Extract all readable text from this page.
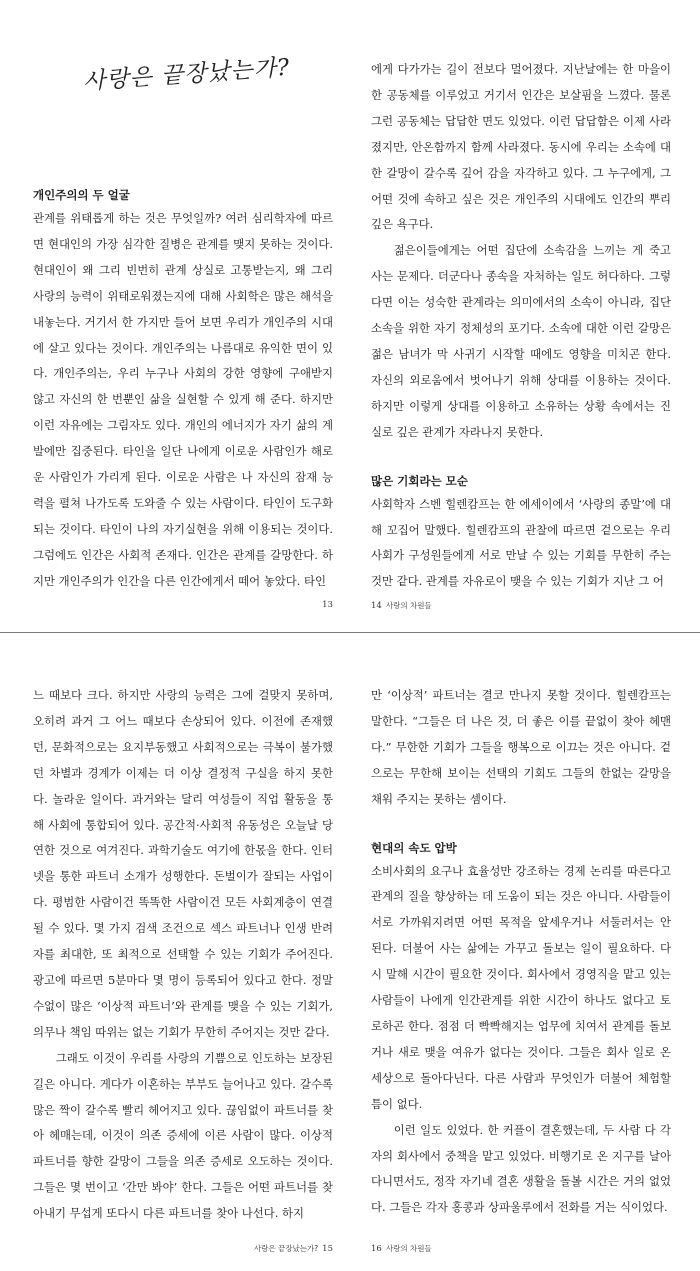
사랑은 끝장났는가?
개인주의의 두 얼굴

관계를 위태롭게 하는 것은 무엇일까? 여러 심리학자에 따르면 현대인의 가장 심각한 질병은 관계를 맺지 못하는 것이다. 현대인이 왜 그리 빈번히 관계 상실로 고통받는지, 왜 그리 사랑의 능력이 위태로워졌는지에 대해 사회학은 많은 해석을 내놓는다. 거기서 한 가지만 들어 보면 우리가 개인주의 시대에 살고 있다는 것이다. 개인주의는 나름대로 유익한 면이 있다. 개인주의는, 우리 누구나 사회의 강한 영향에 구애받지 않고 자신의 한 번뿐인 삶을 실현할 수 있게 해 준다. 하지만 이런 자유에는 그림자도 있다. 개인의 에너지가 자기 삶의 계발에만 집중된다. 타인을 일단 나에게 이로운 사람인가 해로운 사람인가 가리게 된다. 이로운 사람은 나 자신의 잠재 능력을 펼쳐 나가도록 도와줄 수 있는 사람이다. 타인이 도구화되는 것이다. 타인이 나의 자기실현을 위해 이용되는 것이다. 그럼에도 인간은 사회적 존재다. 인간은 관계를 갈망한다. 하지만 개인주의가 인간을 다른 인간에게서 떼어 놓았다. 타인

13

에게 다가가는 길이 전보다 멀어졌다. 지난날에는 한 마을이 한 공동체를 이루었고 거기서 인간은 보살핌을 느꼈다. 물론 그런 공동체는 답답한 면도 있었다. 이런 답답함은 이제 사라졌지만, 안온함까지 함께 사라졌다. 동시에 우리는 소속에 대한 갈망이 갈수록 깊어 감을 자각하고 있다. 그 누구에게, 그 어떤 것에 속하고 싶은 것은 개인주의 시대에도 인간의 뿌리 깊은 욕구다.

젊은이들에게는 어떤 집단에 소속감을 느끼는 게 죽고 사는 문제다. 더군다나 종속을 자처하는 일도 허다하다. 그렇다면 이는 성숙한 관계라는 의미에서의 소속이 아니라, 집단 소속을 위한 자기 정체성의 포기다. 소속에 대한 이런 갈망은 젊은 남녀가 막 사귀기 시작할 때에도 영향을 미치곤 한다. 자신의 외로움에서 벗어나기 위해 상대를 이용하는 것이다. 하지만 이렇게 상대를 이용하고 소유하는 상황 속에서는 진실로 깊은 관계가 자라나지 못한다.

많은 기회라는 모순

사회학자 스벤 힐렌캄프는 한 에세이에서 ‘사랑의 종말’에 대해 꼬집어 말했다. 힐렌캄프의 관찰에 따르면 겉으로는 우리 사회가 구성원들에게 서로 만날 수 있는 기회를 무한히 주는 것만 같다. 관계를 자유로이 맺을 수 있는 기회가 지난 그 어

14 사랑의 차원들

느 때보다 크다. 하지만 사랑의 능력은 그에 걸맞지 못하며, 오히려 과거 그 어느 때보다 손상되어 있다. 이전에 존재했던, 문화적으로는 요지부동했고 사회적으로는 극복이 불가했던 차별과 경계가 이제는 더 이상 결정적 구실을 하지 못한다. 놀라운 일이다. 과거와는 달리 여성들이 직업 활동을 통해 사회에 통합되어 있다. 공간적·사회적 유동성은 오늘날 당연한 것으로 여겨진다. 과학기술도 여기에 한몫을 한다. 인터넷을 통한 파트너 소개가 성행한다. 돈벌이가 잘되는 사업이다. 평범한 사람이건 똑똑한 사람이건 모든 사회계층이 연결될 수 있다. 몇 가지 검색 조건으로 섹스 파트너나 인생 반려자를 최대한, 또 최적으로 선택할 수 있는 기회가 주어진다. 광고에 따르면 5분마다 몇 명이 등록되어 있다고 한다. 정말 수없이 많은 ‘이상적 파트너’와 관계를 맺을 수 있는 기회가, 의무나 책임 따위는 없는 기회가 무한히 주어지는 것만 같다.

그래도 이것이 우리를 사랑의 기쁨으로 인도하는 보장된 길은 아니다. 게다가 이혼하는 부부도 늘어나고 있다. 갈수록 많은 짝이 갈수록 빨리 헤어지고 있다. 끊임없이 파트너를 찾아 헤매는데, 이것이 의존 증세에 이른 사람이 많다. 이상적 파트너를 향한 갈망이 그들을 의존 증세로 오도하는 것이다. 그들은 몇 번이고 ‘간만 봐야’ 한다. 그들은 어떤 파트너를 찾아내기 무섭게 또다시 다른 파트너를 찾아 나선다. 하지

사랑은 끝장났는가? 15

만 ‘이상적’ 파트너는 결코 만나지 못할 것이다. 힐렌캄프는 말한다. “그들은 더 나은 것, 더 좋은 이를 끝없이 찾아 헤맨다.” 무한한 기회가 그들을 행복으로 이끄는 것은 아니다. 겉으로는 무한해 보이는 선택의 기회도 그들의 한없는 갈망을 채워 주지는 못하는 셈이다.

현대의 속도 압박

소비사회의 요구나 효율성만 강조하는 경제 논리를 따른다고 관계의 질을 향상하는 데 도움이 되는 것은 아니다. 사람들이 서로 가까워지려면 어떤 목적을 앞세우거나 서둘러서는 안 된다. 더불어 사는 삶에는 가꾸고 돌보는 일이 필요하다. 다시 말해 시간이 필요한 것이다. 회사에서 경영직을 맡고 있는 사람들이 나에게 인간관계를 위한 시간이 하나도 없다고 토로하곤 한다. 점점 더 빡빡해지는 업무에 치여서 관계를 돌보거나 새로 맺을 여유가 없다는 것이다. 그들은 회사 일로 온 세상으로 돌아다닌다. 다른 사람과 무엇인가 더불어 체험할 틈이 없다.

이런 일도 있었다. 한 커플이 결혼했는데, 두 사람 다 각자의 회사에서 중책을 맡고 있었다. 비행기로 온 지구를 날아다니면서도, 정작 자기네 결혼 생활을 돌볼 시간은 거의 없었다. 그들은 각자 홍콩과 상파울루에서 전화를 거는 식이었다.

16 사랑의 차원들
